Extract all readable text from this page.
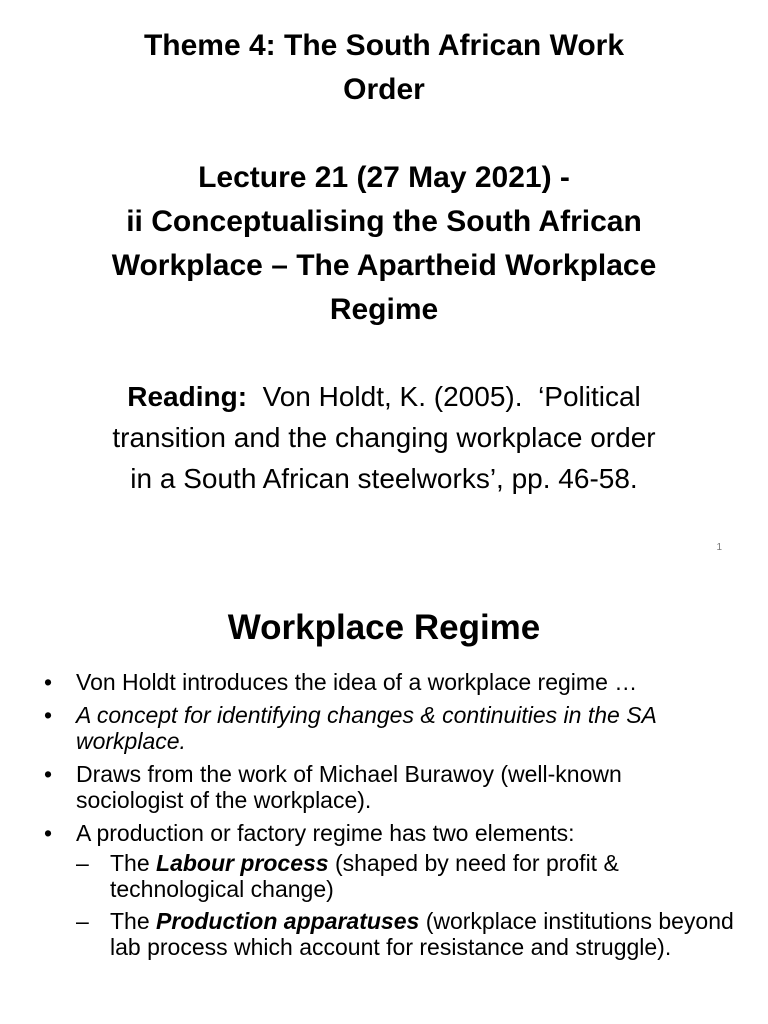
Theme 4: The South African Work
Order
Lecture 21 (27 May 2021) -
ii Conceptualising the South African
Workplace – The Apartheid Workplace
Regime
Reading:  Von Holdt, K. (2005).  ‘Political
transition and the changing workplace order
in a South African steelworks’, pp. 46-58.
1
Workplace Regime
• Von Holdt introduces the idea of a workplace regime …
• A concept for identifying changes & continuities in the SA workplace.
• Draws from the work of Michael Burawoy (well-known sociologist of the workplace).
• A production or factory regime has two elements:
– The Labour process (shaped by need for profit & technological change)
– The Production apparatuses (workplace institutions beyond lab process which account for resistance and struggle).
